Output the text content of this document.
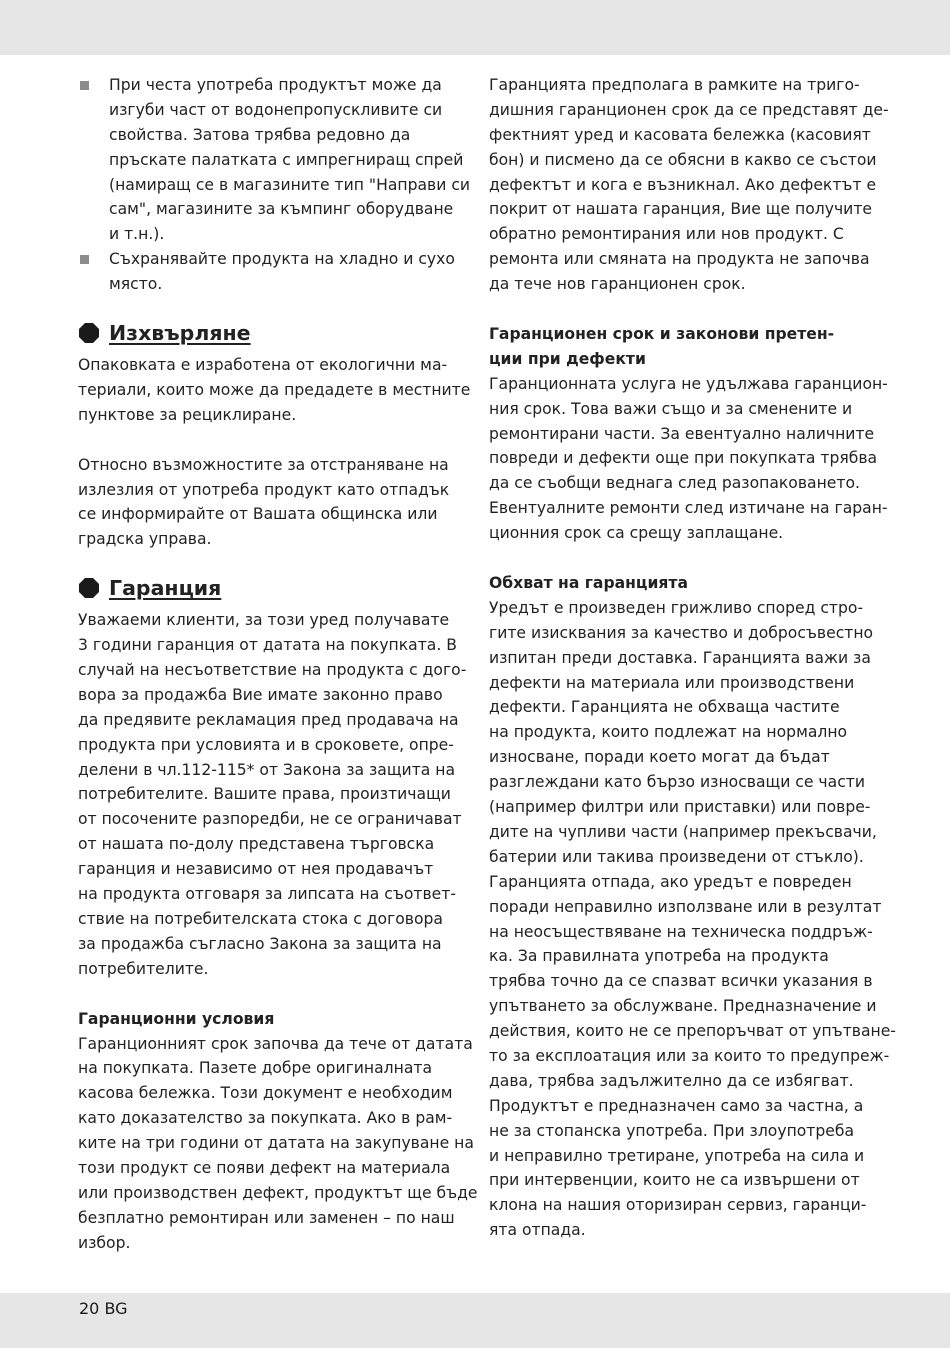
При честа употреба продуктът може да
изгуби част от водонепропускливите си
свойства. Затова трябва редовно да
пръскате палатката с импрегниращ спрей
(намиращ се в магазините тип "Направи си
сам", магазините за къмпинг оборудване
и т.н.).
Съхранявайте продукта на хладно и сухо
място.
Изхвърляне
Опаковката е изработена от екологични ма-
териали, които може да предадете в местните
пунктове за рециклиране.
Относно възможностите за отстраняване на
излезлия от употреба продукт като отпадък
се информирайте от Вашата общинска или
градска управа.
Гаранция
Уважаеми клиенти, за този уред получавате
3 години гаранция от датата на покупката. В
случай на несъответствие на продукта с дого-
вора за продажба Вие имате законно право
да предявите рекламация пред продавача на
продукта при условията и в сроковете, опре-
делени в чл.112-115* от Закона за защита на
потребителите. Вашите права, произтичащи
от посочените разпоредби, не се ограничават
от нашата по-долу представена търговска
гаранция и независимо от нея продавачът
на продукта отговаря за липсата на съответ-
ствие на потребителската стока с договора
за продажба съгласно Закона за защита на
потребителите.
Гаранционни условия
Гаранционният срок започва да тече от датата
на покупката. Пазете добре оригиналната
касова бележка. Този документ е необходим
като доказателство за покупката. Ако в рам-
ките на три години от датата на закупуване на
този продукт се появи дефект на материала
или производствен дефект, продуктът ще бъде
безплатно ремонтиран или заменен – по наш
избор.
Гаранцията предполага в рамките на триго-
дишния гаранционен срок да се представят де-
фектният уред и касовата бележка (касовият
бон) и писмено да се обясни в какво се състои
дефектът и кога е възникнал. Ако дефектът е
покрит от нашата гаранция, Вие ще получите
обратно ремонтирания или нов продукт. С
ремонта или смяната на продукта не започва
да тече нов гаранционен срок.
Гаранционен срок и законови претен-
ции при дефекти
Гаранционната услуга не удължава гаранцион-
ния срок. Това важи също и за сменените и
ремонтирани части. За евентуално наличните
повреди и дефекти още при покупката трябва
да се съобщи веднага след разопаковането.
Евентуалните ремонти след изтичане на гаран-
ционния срок са срещу заплащане.
Обхват на гаранцията
Уредът е произведен грижливо според стро-
гите изисквания за качество и добросъвестно
изпитан преди доставка. Гаранцията важи за
дефекти на материала или производствени
дефекти. Гаранцията не обхваща частите
на продукта, които подлежат на нормално
износване, поради което могат да бъдат
разглеждани като бързо износващи се части
(например филтри или приставки) или повре-
дите на чупливи части (например прекъсвачи,
батерии или такива произведени от стъкло).
Гаранцията отпада, ако уредът е повреден
поради неправилно използване или в резултат
на неосъществяване на техническа поддръж-
ка. За правилната употреба на продукта
трябва точно да се спазват всички указания в
упътването за обслужване. Предназначение и
действия, които не се препоръчват от упътване-
то за експлоатация или за които то предупреж-
дава, трябва задължително да се избягват.
Продуктът е предназначен само за частна, а
не за стопанска употреба. При злоупотреба
и неправилно третиране, употреба на сила и
при интервенции, които не са извършени от
клона на нашия оторизиран сервиз, гаранци-
ята отпада.
20 BG
